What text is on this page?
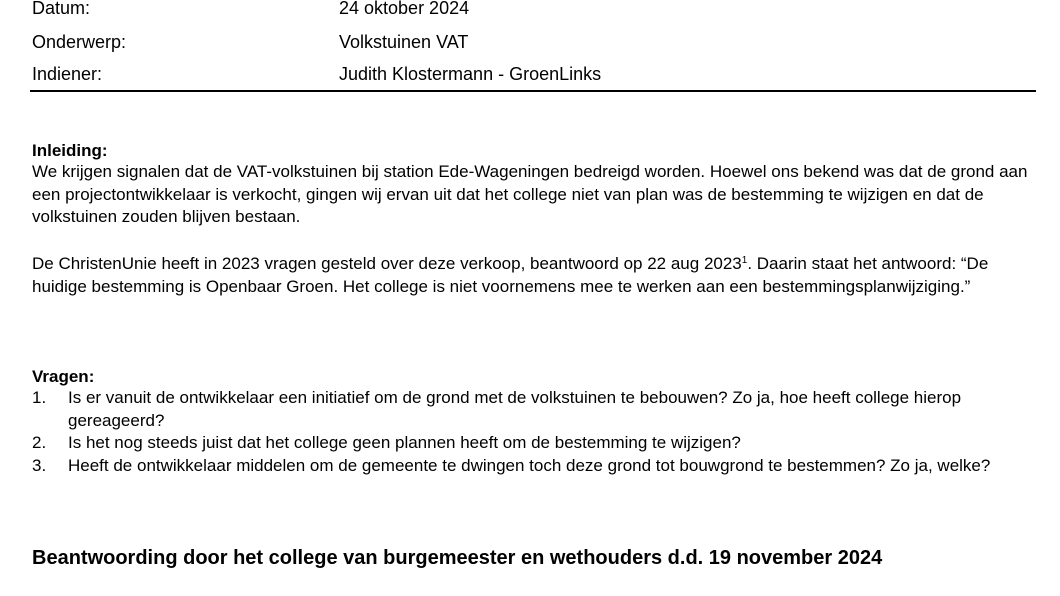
Datum:	24 oktober 2024
Onderwerp:	Volkstuinen VAT
Indiener:	Judith Klostermann - GroenLinks
Inleiding:

We krijgen signalen dat de VAT-volkstuinen bij station Ede-Wageningen bedreigd worden. Hoewel ons bekend was dat de grond aan een projectontwikkelaar is verkocht, gingen wij ervan uit dat het college niet van plan was de bestemming te wijzigen en dat de volkstuinen zouden blijven bestaan.

De ChristenUnie heeft in 2023 vragen gesteld over deze verkoop, beantwoord op 22 aug 2023$^1$. Daarin staat het antwoord: “De huidige bestemming is Openbaar Groen. Het college is niet voornemens mee te werken aan een bestemmingsplanwijziging.”

Vragen:
1. Is er vanuit de ontwikkelaar een initiatief om de grond met de volkstuinen te bebouwen? Zo ja, hoe heeft college hierop gereageerd?
2. Is het nog steeds juist dat het college geen plannen heeft om de bestemming te wijzigen?
3. Heeft de ontwikkelaar middelen om de gemeente te dwingen toch deze grond tot bouwgrond te bestemmen? Zo ja, welke?
Beantwoording door het college van burgemeester en wethouders d.d. 19 november 2024
